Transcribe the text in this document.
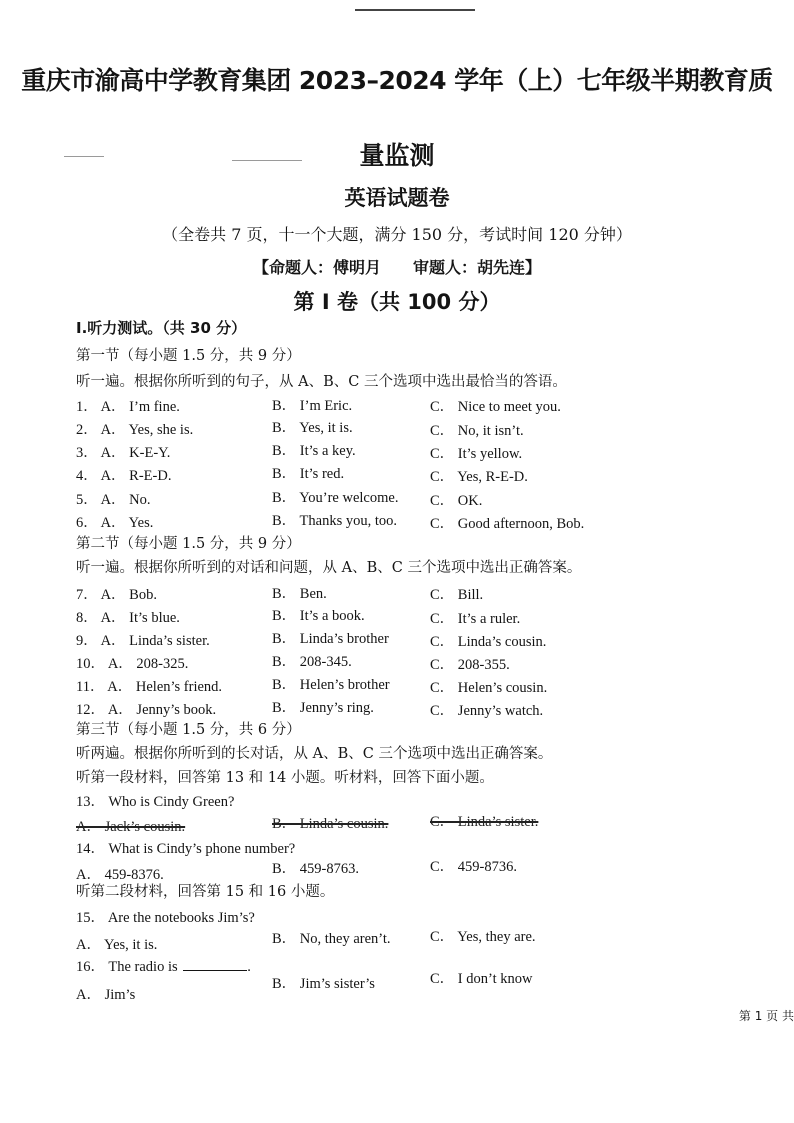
重庆市渝高中学教育集团 2023–2024 学年（上）七年级半期教育质
量监测
英语试题卷
（全卷共 7 页，十一个大题，满分 150 分，考试时间 120 分钟）
【命题人：傅明月　　审题人：胡先连】
第 I 卷（共 100 分）
I.听力测试。（共 30 分）
第一节（每小题 1.5 分，共 9 分）
听一遍。根据你所听到的句子，从 A、B、C 三个选项中选出最恰当的答语。
1． A． I’m fine.	B． I’m Eric.	C． Nice to meet you.
2． A． Yes, she is.	B． Yes, it is.	C． No, it isn’t.
3． A． K-E-Y.	B． It’s a key.	C． It’s yellow.
4． A． R-E-D.	B． It’s red.	C． Yes, R-E-D.
5． A． No.	B． You’re welcome. C． OK.
6． A． Yes.	B． Thanks you, too. C． Good afternoon, Bob.
第二节（每小题 1.5 分，共 9 分）
听一遍。根据你所听到的对话和问题，从 A、B、C 三个选项中选出正确答案。
7． A． Bob.	B． Ben.	C． Bill.
8． A． It’s blue.	B． It’s a book.	C． It’s a ruler.
9． A． Linda’s sister.	B． Linda’s brother	C． Linda’s cousin.
10． A． 208-325.	B． 208-345.	C． 208-355.
11． A． Helen’s friend.	B． Helen’s brother	C． Helen’s cousin.
12． A． Jenny’s book.	B． Jenny’s ring.	C． Jenny’s watch.
第三节（每小题 1.5 分，共 6 分）
听两遍。根据你所听到的长对话，从 A、B、C 三个选项中选出正确答案。
听第一段材料，回答第 13 和 14 小题。听材料，回答下面小题。
13． Who is Cindy Green?
A． Jack’s cousin.	B． Linda’s cousin.	C． Linda’s sister.
14． What is Cindy’s phone number?
A． 459-8376.	B． 459-8763.	C． 459-8736.
听第二段材料，回答第 15 和 16 小题。
15． Are the notebooks Jim’s?
A． Yes, it is.	B． No, they aren’t.	C． Yes, they are.
16． The radio is	.
A． Jim’s
B． Jim’s sister’s	C． I don’t know
第 1 页 共
